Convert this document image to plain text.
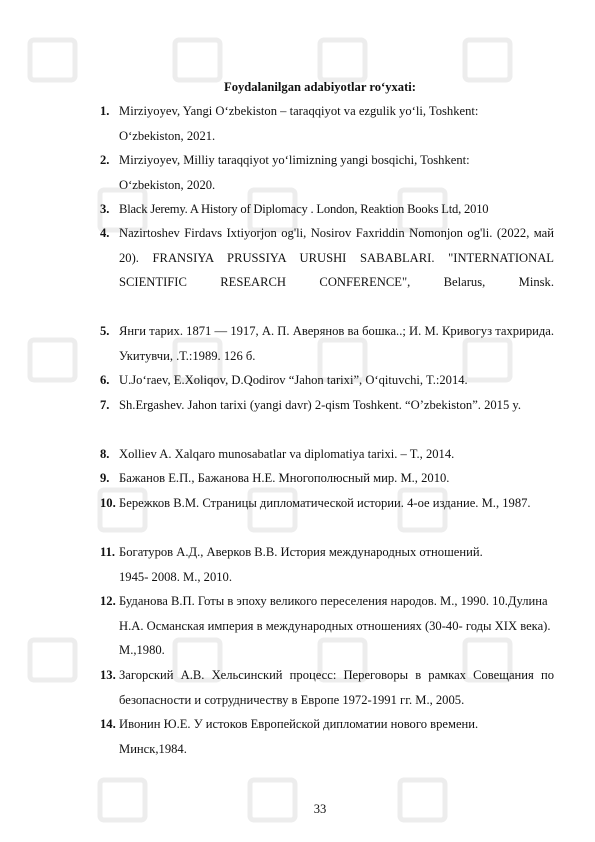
Foydalanilgan adabiyotlar ro‘yxati:
1. Mirziyoyev, Yangi O‘zbekiston – taraqqiyot va ezgulik yo‘li, Toshkent: O‘zbekiston, 2021.
2. Mirziyoyev, Milliy taraqqiyot yo‘limizning yangi bosqichi, Toshkent: O‘zbekiston, 2020.
3. Black Jeremy. A History of Diplomacy . London, Reaktion Books Ltd, 2010
4. Nazirtoshev Firdavs Ixtiyorjon og'li, Nosirov Faxriddin Nomonjon og'li. (2022, май 20). FRANSIYA PRUSSIYA URUSHI SABABLARI. "INTERNATIONAL SCIENTIFIC RESEARCH CONFERENCE", Belarus, Minsk.
5. Янги тарих. 1871 — 1917, А. П. Аверянов ва бошка..; И. М. Кривогуз тахририда. Укитувчи, .Т.:1989. 126 б.
6. U.Jo‘raev, E.Xoliqov, D.Qodirov “Jahon tarixi”, O‘qituvchi, T.:2014.
7. Sh.Ergashev. Jahon tarixi (yangi davr) 2-qism Toshkent. “O’zbekiston”. 2015 y.
8. Xolliev A. Xalqaro munosabatlar va diplomatiya tarixi. – T., 2014.
9. Бажанов Е.П., Бажанова Н.Е. Многополюсный мир. М., 2010.
10. Бережков В.М. Страницы дипломатической истории. 4-ое издание. М., 1987.
11. Богатуров А.Д., Аверков В.В. История международных отношений. 1945- 2008. М., 2010.
12. Буданова В.П. Готы в эпоху великого переселения народов. М., 1990. 10.Дулина Н.А. Османская империя в международных отношениях (30-40- годы XIX века). М.,1980.
13. Загорский А.В. Хельсинский процесс: Переговоры в рамках Совещания по безопасности и сотрудничеству в Европе 1972-1991 гг. М., 2005.
14. Ивонин Ю.Е. У истоков Европейской дипломатии нового времени. Минск,1984.
33
